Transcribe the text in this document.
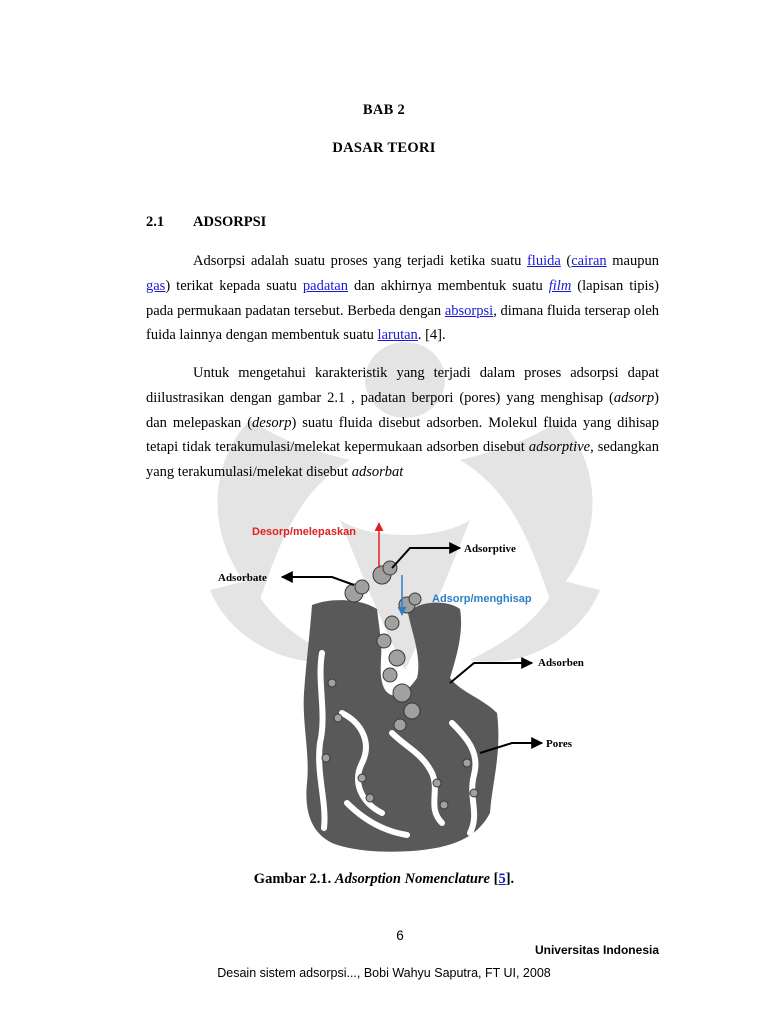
BAB 2
DASAR TEORI
2.1 ADSORPSI
Adsorpsi adalah suatu proses yang terjadi ketika suatu fluida (cairan maupun gas) terikat kepada suatu padatan dan akhirnya membentuk suatu film (lapisan tipis) pada permukaan padatan tersebut. Berbeda dengan absorpsi, dimana fluida terserap oleh fuida lainnya dengan membentuk suatu larutan. [4].
Untuk mengetahui karakteristik yang terjadi dalam proses adsorpsi dapat diilustrasikan dengan gambar 2.1 , padatan berpori (pores) yang menghisap (adsorp) dan melepaskan (desorp) suatu fluida disebut adsorben. Molekul fluida yang dihisap tetapi tidak terakumulasi/melekat kepermukaan adsorben disebut adsorptive, sedangkan yang terakumulasi/melekat disebut adsorbat
Desorp/melepaskan
Adsorptive
Adsorbate
Adsorp/menghisap
Adsorben
Pores
Gambar 2.1. Adsorption Nomenclature [5].
6
Universitas Indonesia
Desain sistem adsorpsi..., Bobi Wahyu Saputra, FT UI, 2008
